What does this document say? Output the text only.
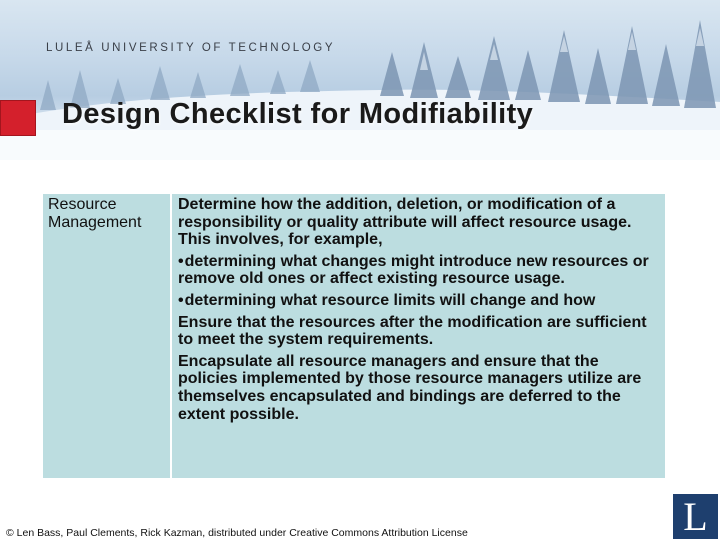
LULEÅ UNIVERSITY OF TECHNOLOGY
Design Checklist for Modifiability
Resource Management
Determine how the addition, deletion, or modification of a responsibility or quality attribute will affect resource usage. This involves, for example,
• determining what changes might introduce new resources or remove old ones or affect existing resource usage.
• determining what resource limits will change and how
Ensure that the resources after the modification are sufficient to meet the system requirements.
Encapsulate all resource managers and ensure that the policies implemented by those resource managers utilize are themselves encapsulated and bindings are deferred to the extent possible.
© Len Bass, Paul Clements, Rick Kazman, distributed under Creative Commons Attribution License	L
